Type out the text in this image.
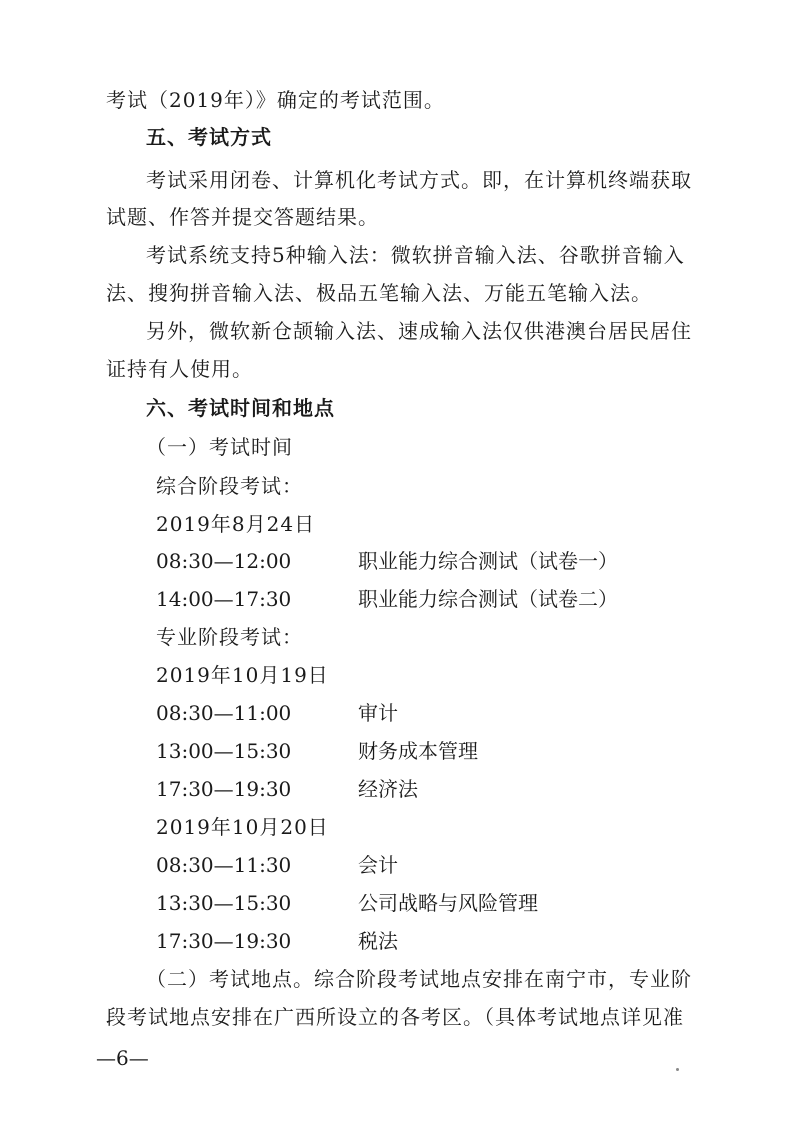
考试（2019年）》确定的考试范围。
五、考试方式
考试采用闭卷、计算机化考试方式。即，在计算机终端获取
试题、作答并提交答题结果。
考试系统支持5种输入法：微软拼音输入法、谷歌拼音输入
法、搜狗拼音输入法、极品五笔输入法、万能五笔输入法。
另外，微软新仓颉输入法、速成输入法仅供港澳台居民居住
证持有人使用。
六、考试时间和地点
（一）考试时间
综合阶段考试：
2019年8月24日
08:30—12:00	职业能力综合测试（试卷一）
14:00—17:30	职业能力综合测试（试卷二）
专业阶段考试：
2019年10月19日
08:30—11:00	审计
13:00—15:30	财务成本管理
17:30—19:30	经济法
2019年10月20日
08:30—11:30	会计
13:30—15:30	公司战略与风险管理
17:30—19:30	税法
（二）考试地点。综合阶段考试地点安排在南宁市，专业阶
段考试地点安排在广西所设立的各考区。（具体考试地点详见准
—6—
